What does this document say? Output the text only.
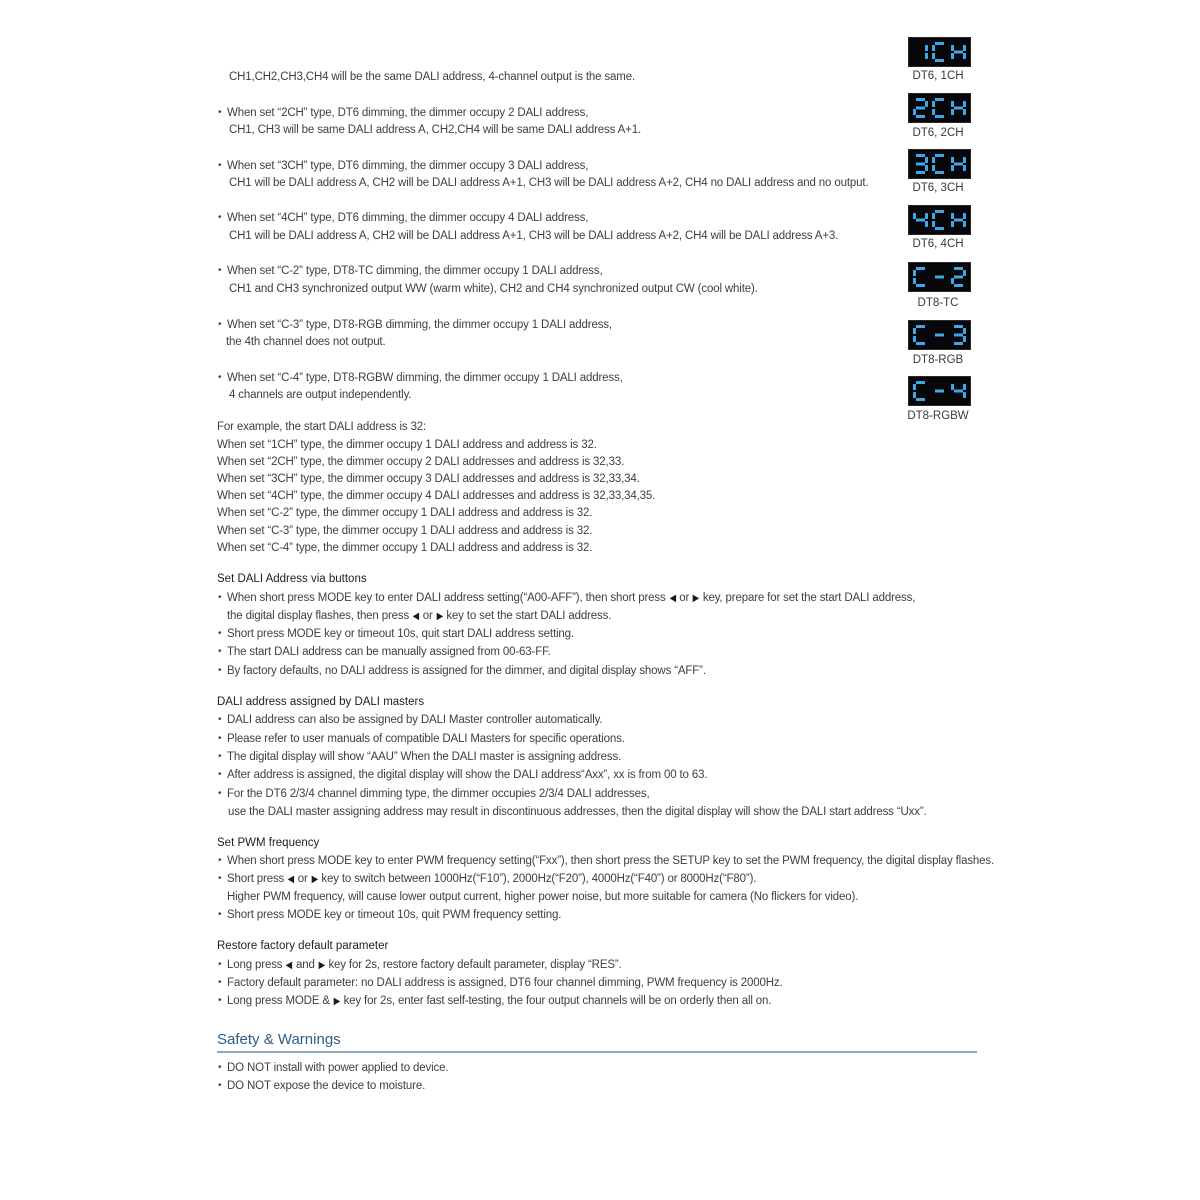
CH1,CH2,CH3,CH4 will be the same DALI address, 4-channel output is the same.
• When set “2CH” type, DT6 dimming, the dimmer occupy 2 DALI address,
CH1, CH3 will be same DALI address A, CH2,CH4 will be same DALI address A+1.
• When set “3CH” type, DT6 dimming, the dimmer occupy 3 DALI address,
CH1 will be DALI address A, CH2 will be DALI address A+1, CH3 will be DALI address A+2, CH4 no DALI address and no output.
• When set “4CH” type, DT6 dimming, the dimmer occupy 4 DALI address,
CH1 will be DALI address A, CH2 will be DALI address A+1, CH3 will be DALI address A+2, CH4 will be DALI address A+3.
• When set “C-2” type, DT8-TC dimming, the dimmer occupy 1 DALI address,
CH1 and CH3 synchronized output WW (warm white), CH2 and CH4 synchronized output CW (cool white).
• When set “C-3” type, DT8-RGB dimming, the dimmer occupy 1 DALI address,
the 4th channel does not output.
• When set “C-4” type, DT8-RGBW dimming, the dimmer occupy 1 DALI address,
4 channels are output independently.
For example, the start DALI address is 32:
When set “1CH” type, the dimmer occupy 1 DALI address and address is 32.
When set “2CH” type, the dimmer occupy 2 DALI addresses and address is 32,33.
When set “3CH” type, the dimmer occupy 3 DALI addresses and address is 32,33,34.
When set “4CH” type, the dimmer occupy 4 DALI addresses and address is 32,33,34,35.
When set “C-2” type, the dimmer occupy 1 DALI address and address is 32.
When set “C-3” type, the dimmer occupy 1 DALI address and address is 32.
When set “C-4” type, the dimmer occupy 1 DALI address and address is 32.
Set DALI Address via buttons
• When short press MODE key to enter DALI address setting(“A00-AFF”), then short press ◀ or ▶ key, prepare for set the start DALI address,
the digital display flashes, then press ◀ or ▶ key to set the start DALI address.
• Short press MODE key or timeout 10s, quit start DALI address setting.
• The start DALI address can be manually assigned from 00-63-FF.
• By factory defaults, no DALI address is assigned for the dimmer, and digital display shows “AFF”.
DALI address assigned by DALI masters
• DALI address can also be assigned by DALI Master controller automatically.
• Please refer to user manuals of compatible DALI Masters for specific operations.
• The digital display will show “AAU” When the DALI master is assigning address.
• After address is assigned, the digital display will show the DALI address“Axx”, xx is from 00 to 63.
• For the DT6 2/3/4 channel dimming type, the dimmer occupies 2/3/4 DALI addresses,
use the DALI master assigning address may result in discontinuous addresses, then the digital display will show the DALI start address “Uxx”.
Set PWM frequency
• When short press MODE key to enter PWM frequency setting(“Fxx”), then short press the SETUP key to set the PWM frequency, the digital display flashes.
• Short press ◀ or ▶ key to switch between 1000Hz(“F10”), 2000Hz(“F20”), 4000Hz(“F40”) or 8000Hz(“F80”).
Higher PWM frequency, will cause lower output current, higher power noise, but more suitable for camera (No flickers for video).
• Short press MODE key or timeout 10s, quit PWM frequency setting.
Restore factory default parameter
• Long press ◀ and ▶ key for 2s, restore factory default parameter, display “RES”.
• Factory default parameter: no DALI address is assigned, DT6 four channel dimming, PWM frequency is 2000Hz.
• Long press MODE & ▶ key for 2s, enter fast self-testing, the four output channels will be on orderly then all on.
Safety & Warnings
• DO NOT install with power applied to device.
• DO NOT expose the device to moisture.
DT6, 1CH
DT6, 2CH
DT6, 3CH
DT6, 4CH
DT8-TC
DT8-RGB
DT8-RGBW
